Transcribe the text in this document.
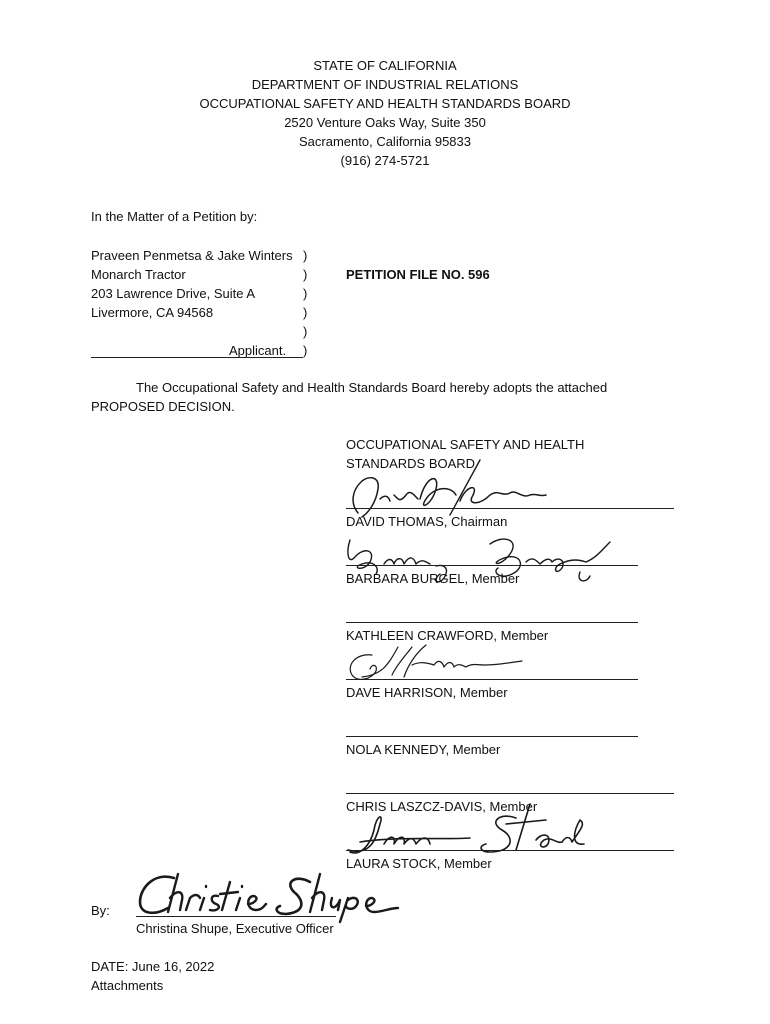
STATE OF CALIFORNIA
DEPARTMENT OF INDUSTRIAL RELATIONS
OCCUPATIONAL SAFETY AND HEALTH STANDARDS BOARD
2520 Venture Oaks Way, Suite 350
Sacramento, California 95833
(916) 274-5721
In the Matter of a Petition by:
Praveen Penmetsa & Jake Winters
Monarch Tractor
203 Lawrence Drive, Suite A
Livermore, CA 94568
Applicant.
)
)
)
)
)
)
PETITION FILE NO. 596
The Occupational Safety and Health Standards Board hereby adopts the attached
PROPOSED DECISION.
OCCUPATIONAL SAFETY AND HEALTH
STANDARDS BOARD
DAVID THOMAS, Chairman
BARBARA BURGEL, Member
KATHLEEN CRAWFORD, Member
DAVE HARRISON, Member
NOLA KENNEDY, Member
CHRIS LASZCZ-DAVIS, Member
LAURA STOCK, Member
By:
Christina Shupe, Executive Officer
DATE: June 16, 2022
Attachments
